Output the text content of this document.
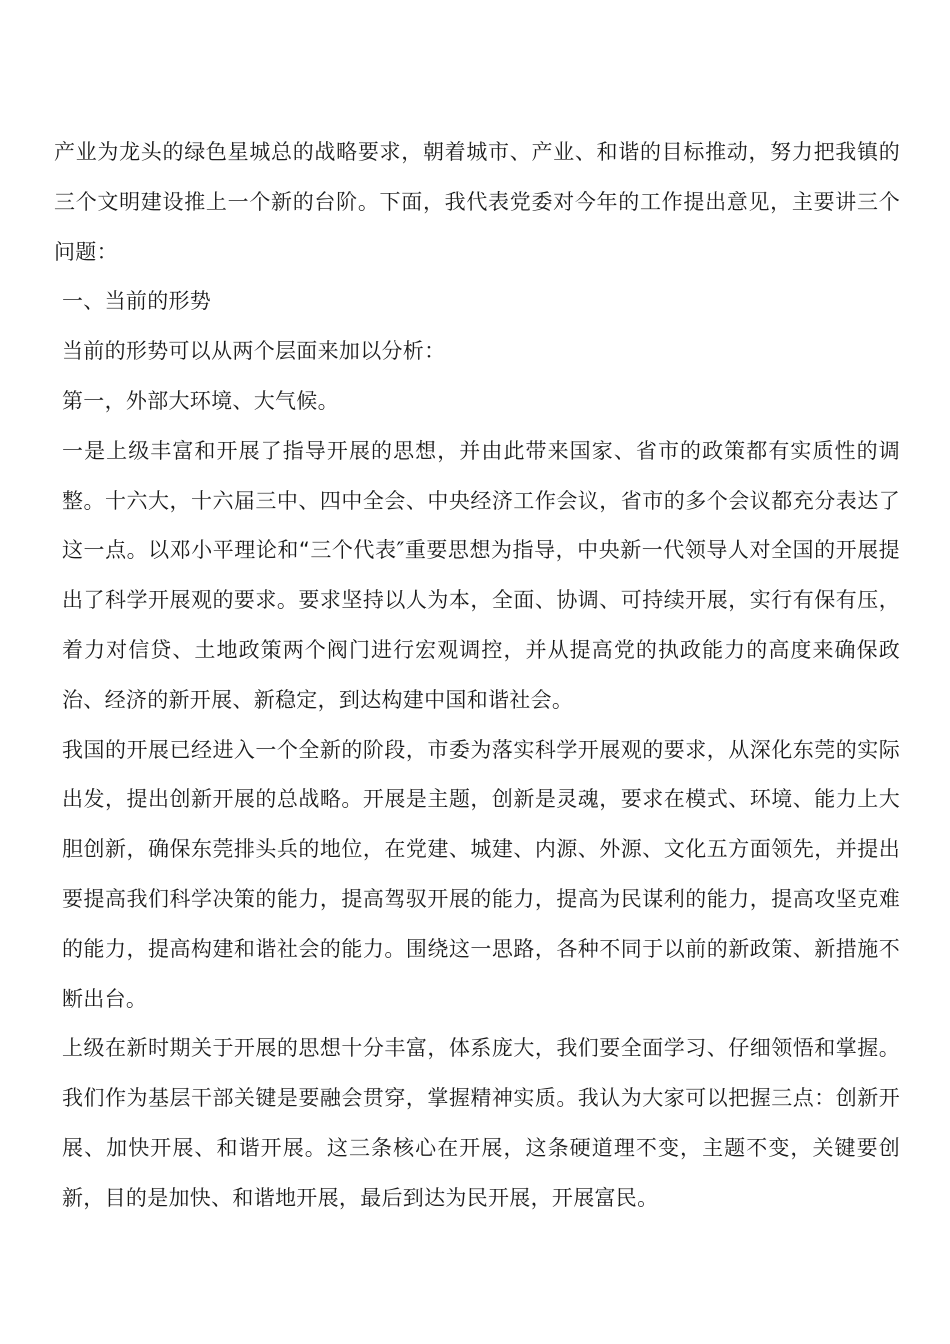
产业为龙头的绿色星城总的战略要求，朝着城市、产业、和谐的目标推动，努力把我镇的三个文明建设推上一个新的台阶。下面，我代表党委对今年的工作提出意见，主要讲三个问题：

一、当前的形势

当前的形势可以从两个层面来加以分析：

第一，外部大环境、大气候。

一是上级丰富和开展了指导开展的思想，并由此带来国家、省市的政策都有实质性的调整。十六大，十六届三中、四中全会、中央经济工作会议，省市的多个会议都充分表达了这一点。以邓小平理论和“三个代表″重要思想为指导，中央新一代领导人对全国的开展提出了科学开展观的要求。要求坚持以人为本，全面、协调、可持续开展，实行有保有压，着力对信贷、土地政策两个阀门进行宏观调控，并从提高党的执政能力的高度来确保政治、经济的新开展、新稳定，到达构建中国和谐社会。

我国的开展已经进入一个全新的阶段，市委为落实科学开展观的要求，从深化东莞的实际出发，提出创新开展的总战略。开展是主题，创新是灵魂，要求在模式、环境、能力上大胆创新，确保东莞排头兵的地位，在党建、城建、内源、外源、文化五方面领先，并提出要提高我们科学决策的能力，提高驾驭开展的能力，提高为民谋利的能力，提高攻坚克难的能力，提高构建和谐社会的能力。围绕这一思路，各种不同于以前的新政策、新措施不断出台。

上级在新时期关于开展的思想十分丰富，体系庞大，我们要全面学习、仔细领悟和掌握。我们作为基层干部关键是要融会贯穿，掌握精神实质。我认为大家可以把握三点：创新开展、加快开展、和谐开展。这三条核心在开展，这条硬道理不变，主题不变，关键要创新，目的是加快、和谐地开展，最后到达为民开展，开展富民。
